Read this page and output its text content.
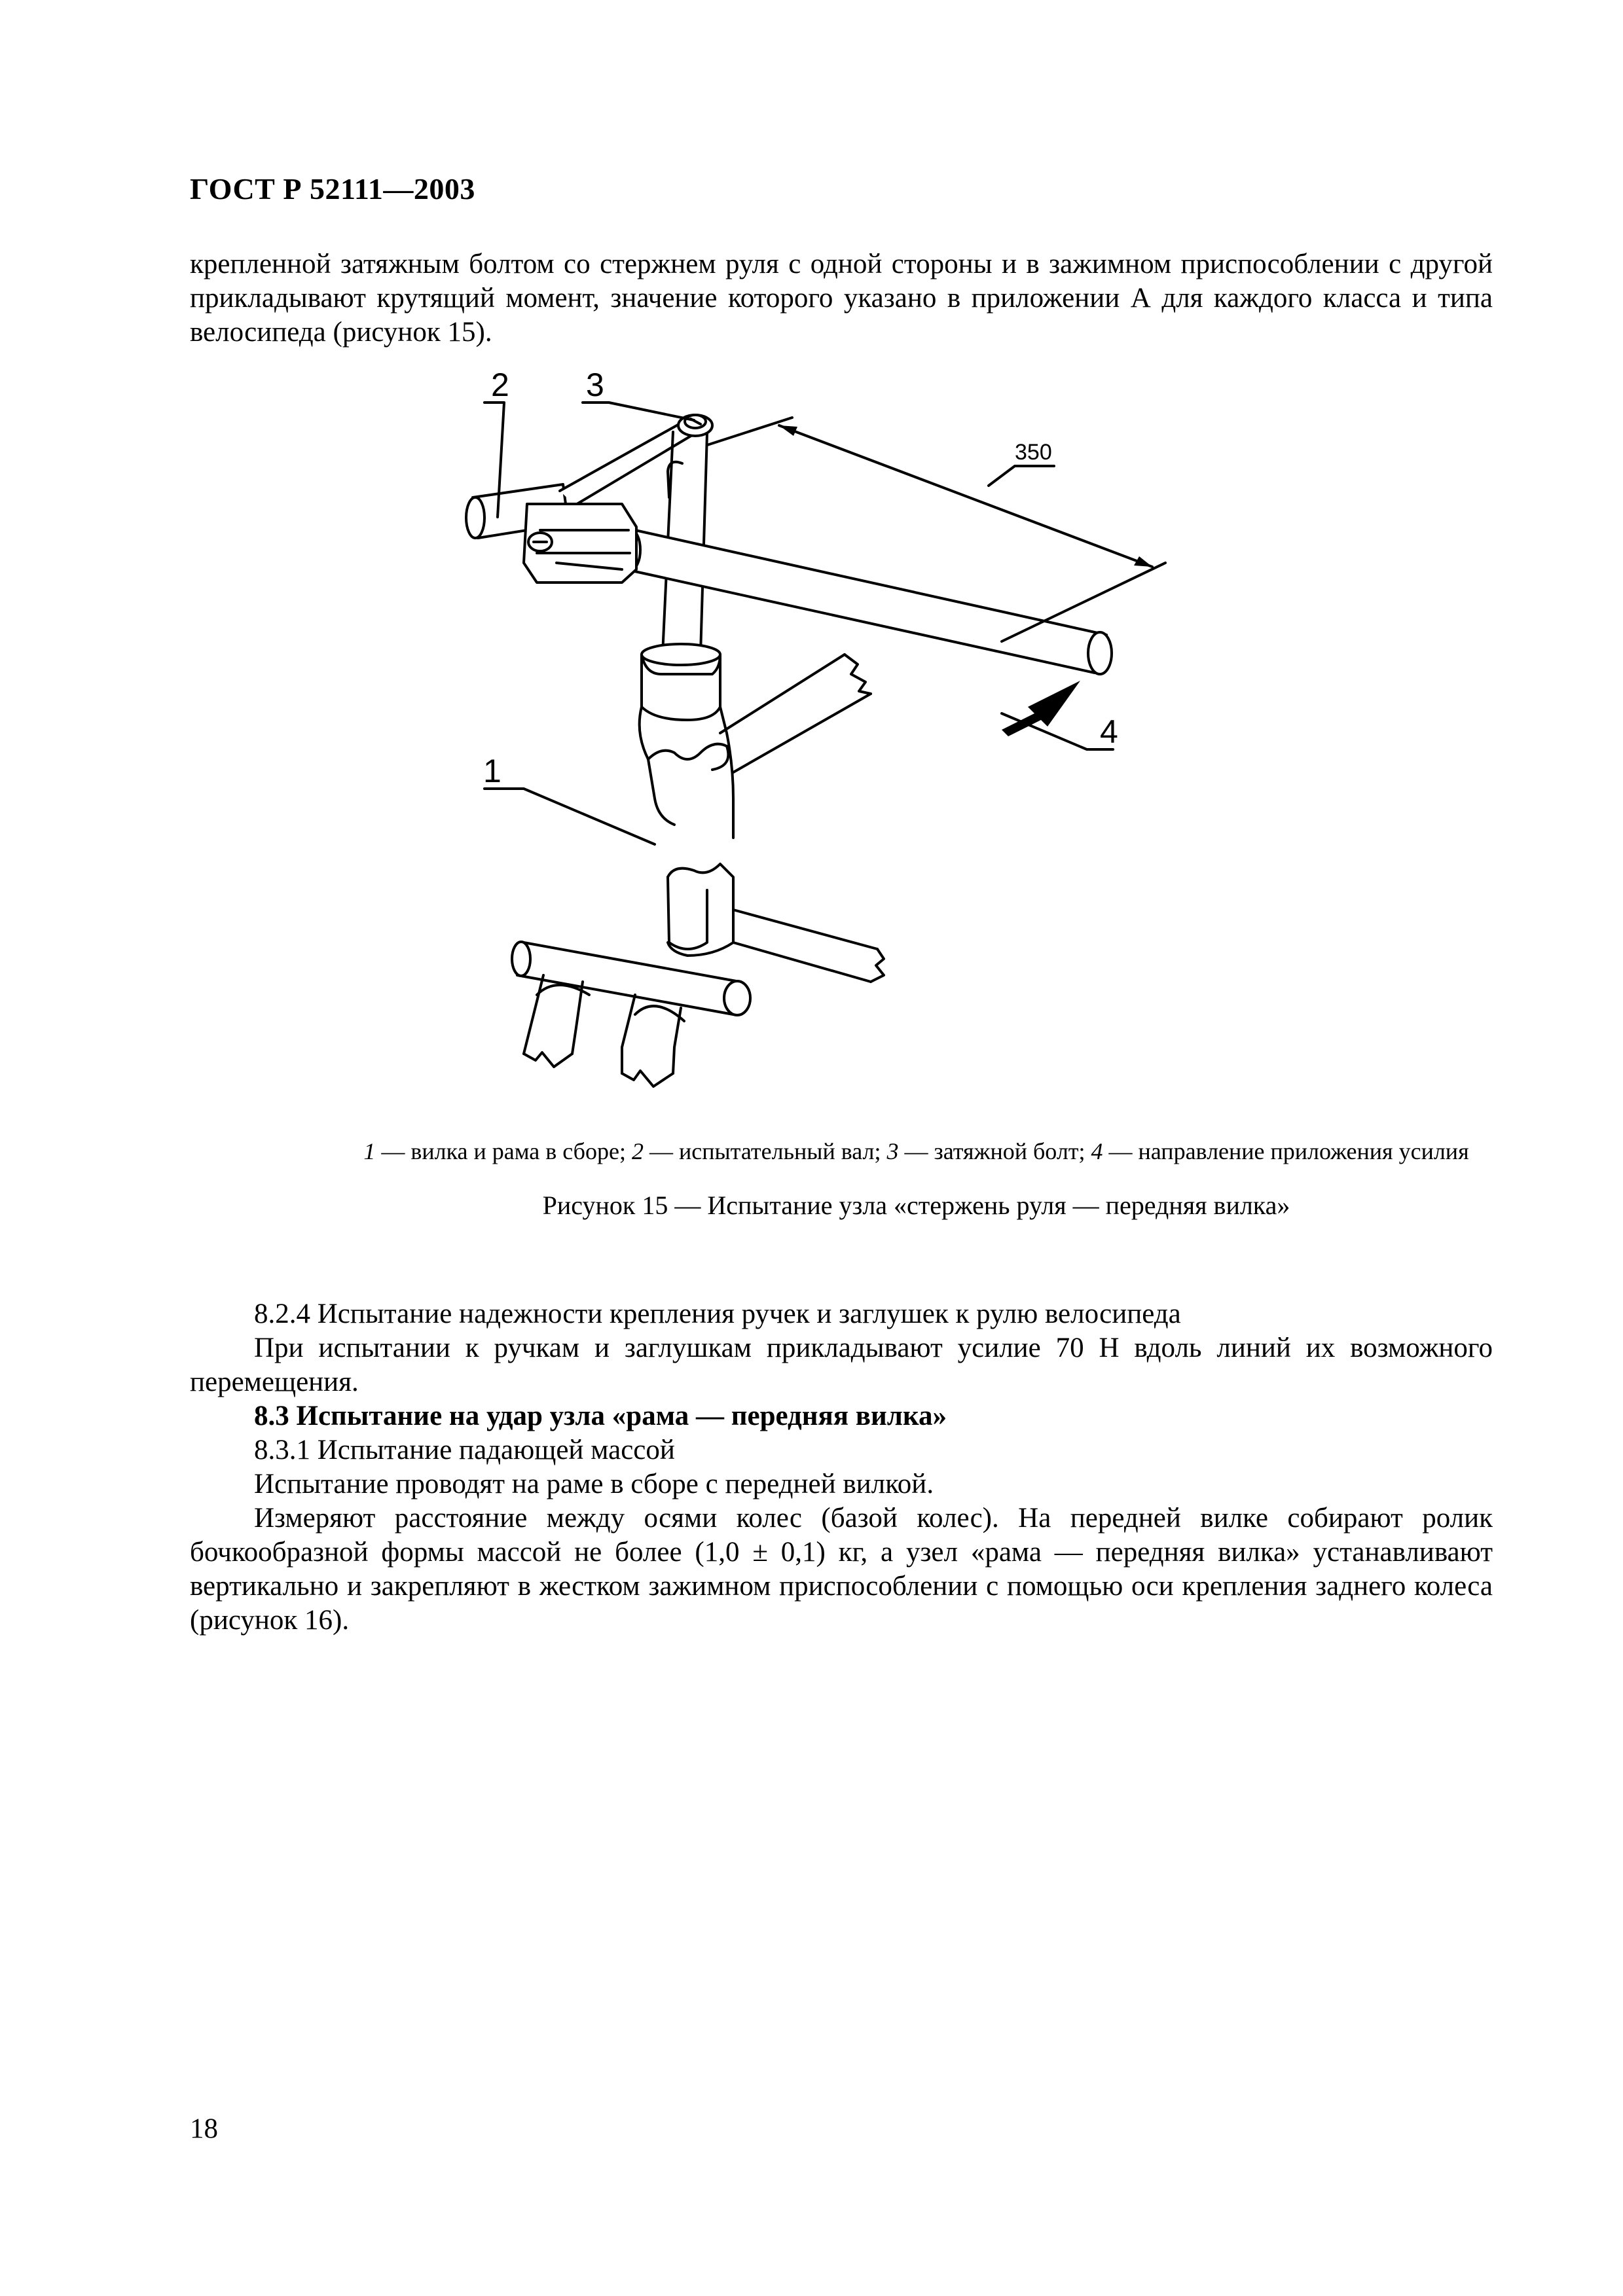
ГОСТ Р 52111—2003
крепленной затяжным болтом со стержнем руля с одной стороны и в зажимном приспособлении с другой прикладывают крутящий момент, значение которого указано в приложении А для каждого класса и типа велосипеда (рисунок 15).
2 3
1
4
350
1 — вилка и рама в сборе; 2 — испытательный вал; 3 — затяжной болт; 4 — направление приложения усилия
Рисунок 15 — Испытание узла «стержень руля — передняя вилка»
8.2.4 Испытание надежности крепления ручек и заглушек к рулю велосипеда
При испытании к ручкам и заглушкам прикладывают усилие 70 Н вдоль линий их возможного перемещения.
8.3 Испытание на удар узла «рама — передняя вилка»
8.3.1 Испытание падающей массой
Испытание проводят на раме в сборе с передней вилкой.
Измеряют расстояние между осями колес (базой колес). На передней вилке собирают ролик бочкообразной формы массой не более (1,0 ± 0,1) кг, а узел «рама — передняя вилка» устанавливают вертикально и закрепляют в жестком зажимном приспособлении с помощью оси крепления заднего колеса (рисунок 16).
18
